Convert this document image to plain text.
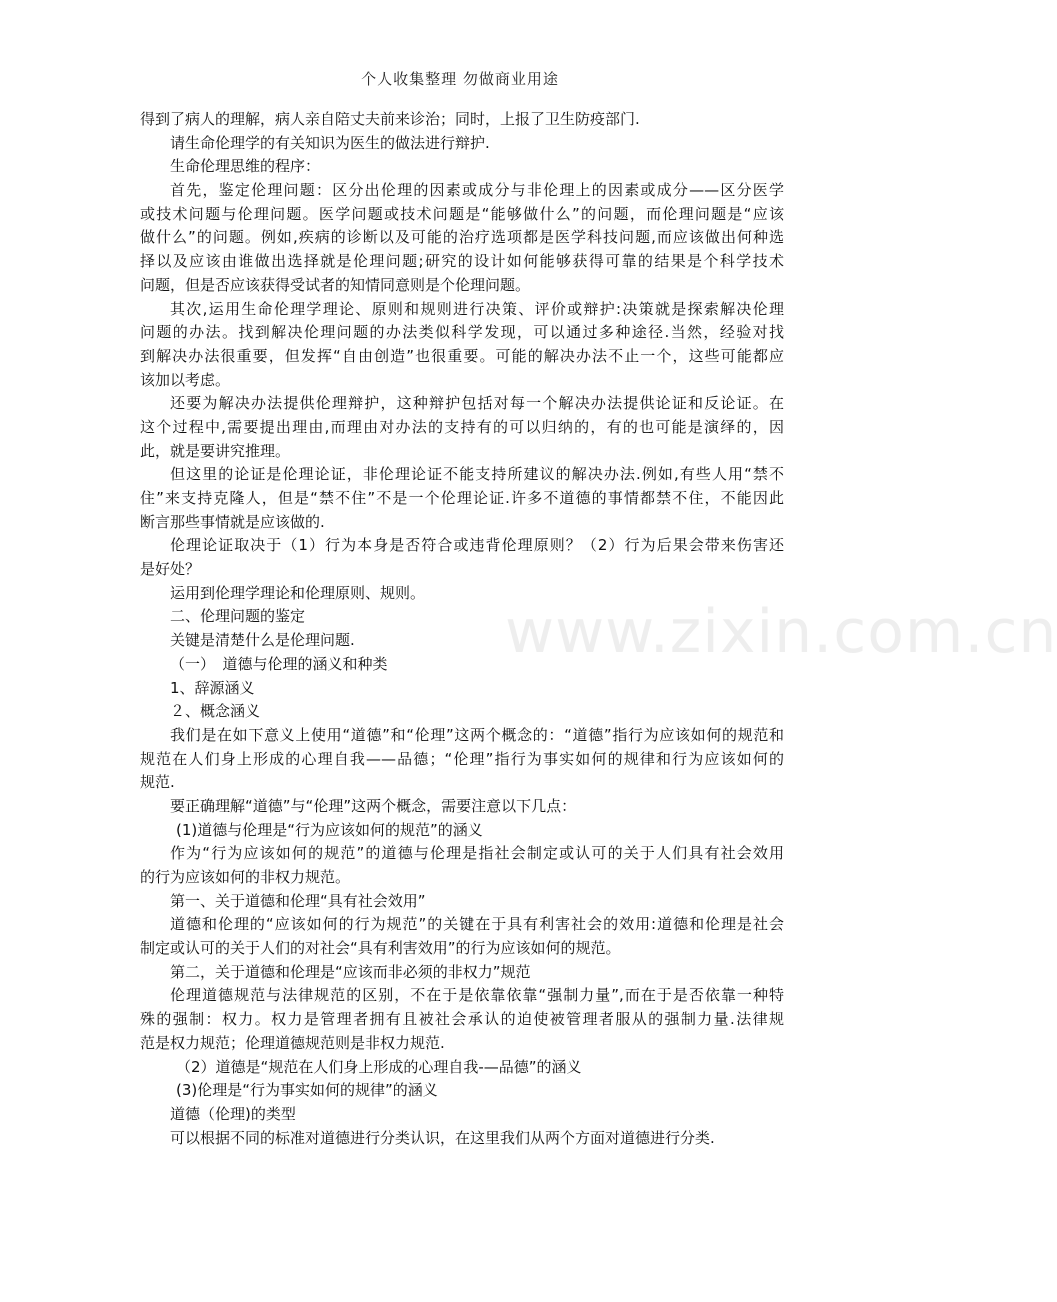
个人收集整理 勿做商业用途
www.zixin.com.cn
得到了病人的理解，病人亲自陪丈夫前来诊治；同时，上报了卫生防疫部门.
请生命伦理学的有关知识为医生的做法进行辩护.
生命伦理思维的程序：
首先，鉴定伦理问题：区分出伦理的因素或成分与非伦理上的因素或成分——区分医学
或技术问题与伦理问题。医学问题或技术问题是“能够做什么”的问题，而伦理问题是“应该
做什么”的问题。例如,疾病的诊断以及可能的治疗选项都是医学科技问题,而应该做出何种选
择以及应该由谁做出选择就是伦理问题;研究的设计如何能够获得可靠的结果是个科学技术
问题，但是否应该获得受试者的知情同意则是个伦理问题。
其次,运用生命伦理学理论、原则和规则进行决策、评价或辩护:决策就是探索解决伦理
问题的办法。找到解决伦理问题的办法类似科学发现，可以通过多种途径.当然，经验对找
到解决办法很重要，但发挥“自由创造”也很重要。可能的解决办法不止一个，这些可能都应
该加以考虑。
还要为解决办法提供伦理辩护，这种辩护包括对每一个解决办法提供论证和反论证。在
这个过程中,需要提出理由,而理由对办法的支持有的可以归纳的，有的也可能是演绎的，因
此，就是要讲究推理。
但这里的论证是伦理论证，非伦理论证不能支持所建议的解决办法.例如,有些人用“禁不
住”来支持克隆人，但是“禁不住”不是一个伦理论证.许多不道德的事情都禁不住，不能因此
断言那些事情就是应该做的.
伦理论证取决于（1）行为本身是否符合或违背伦理原则？（2）行为后果会带来伤害还
是好处？
运用到伦理学理论和伦理原则、规则。
二、伦理问题的鉴定
关键是清楚什么是伦理问题.
（一）　道德与伦理的涵义和种类
1、辞源涵义
２、概念涵义
我们是在如下意义上使用“道德”和“伦理”这两个概念的：“道德”指行为应该如何的规范和
规范在人们身上形成的心理自我——品德；“伦理”指行为事实如何的规律和行为应该如何的
规范.
要正确理解“道德”与“伦理”这两个概念，需要注意以下几点：
(1)道德与伦理是“行为应该如何的规范”的涵义
作为“行为应该如何的规范”的道德与伦理是指社会制定或认可的关于人们具有社会效用
的行为应该如何的非权力规范。
第一、关于道德和伦理“具有社会效用”
道德和伦理的“应该如何的行为规范”的关键在于具有利害社会的效用:道德和伦理是社会
制定或认可的关于人们的对社会“具有利害效用”的行为应该如何的规范。
第二，关于道德和伦理是“应该而非必须的非权力”规范
伦理道德规范与法律规范的区别，不在于是依靠依靠“强制力量”,而在于是否依靠一种特
殊的强制：权力。权力是管理者拥有且被社会承认的迫使被管理者服从的强制力量.法律规
范是权力规范；伦理道德规范则是非权力规范.
（2）道德是“规范在人们身上形成的心理自我-—品德”的涵义
(3)伦理是“行为事实如何的规律”的涵义
道德（伦理)的类型
可以根据不同的标准对道德进行分类认识，在这里我们从两个方面对道德进行分类.
